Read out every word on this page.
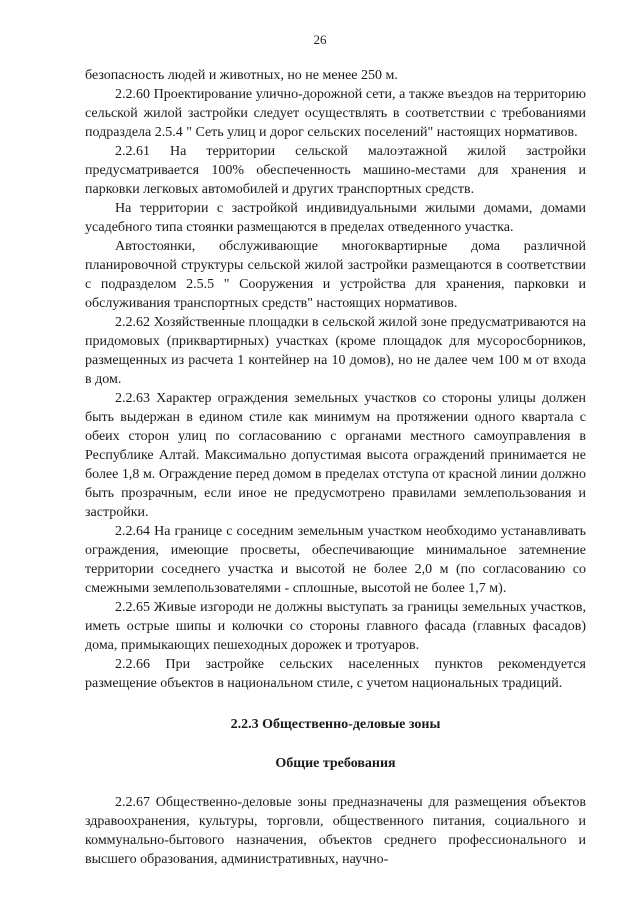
26

безопасность людей и животных, но не менее 250 м.

2.2.60 Проектирование улично-дорожной сети, а также въездов на территорию сельской жилой застройки следует осуществлять в соответствии с требованиями подраздела 2.5.4 " Сеть улиц и дорог сельских поселений" настоящих нормативов.

2.2.61 На территории сельской малоэтажной жилой застройки предусматривается 100% обеспеченность машино-местами для хранения и парковки легковых автомобилей и других транспортных средств.

На территории с застройкой индивидуальными жилыми домами, домами усадебного типа стоянки размещаются в пределах отведенного участка.

Автостоянки, обслуживающие многоквартирные дома различной планировочной структуры сельской жилой застройки размещаются в соответствии с подразделом 2.5.5 " Сооружения и устройства для хранения, парковки и обслуживания транспортных средств" настоящих нормативов.

2.2.62 Хозяйственные площадки в сельской жилой зоне предусматриваются на придомовых (приквартирных) участках (кроме площадок для мусоросборников, размещенных из расчета 1 контейнер на 10 домов), но не далее чем 100 м от входа в дом.

2.2.63 Характер ограждения земельных участков со стороны улицы должен быть выдержан в едином стиле как минимум на протяжении одного квартала с обеих сторон улиц по согласованию с органами местного самоуправления в Республике Алтай. Максимально допустимая высота ограждений принимается не более 1,8 м. Ограждение перед домом в пределах отступа от красной линии должно быть прозрачным, если иное не предусмотрено правилами землепользования и застройки.

2.2.64 На границе с соседним земельным участком необходимо устанавливать ограждения, имеющие просветы, обеспечивающие минимальное затемнение территории соседнего участка и высотой не более 2,0 м (по согласованию со смежными землепользователями - сплошные, высотой не более 1,7 м).

2.2.65 Живые изгороди не должны выступать за границы земельных участков, иметь острые шипы и колючки со стороны главного фасада (главных фасадов) дома, примыкающих пешеходных дорожек и тротуаров.

2.2.66 При застройке сельских населенных пунктов рекомендуется размещение объектов в национальном стиле, с учетом национальных традиций.

2.2.3 Общественно-деловые зоны
Общие требования

2.2.67 Общественно-деловые зоны предназначены для размещения объектов здравоохранения, культуры, торговли, общественного питания, социального и коммунально-бытового назначения, объектов среднего профессионального и высшего образования, административных, научно-
